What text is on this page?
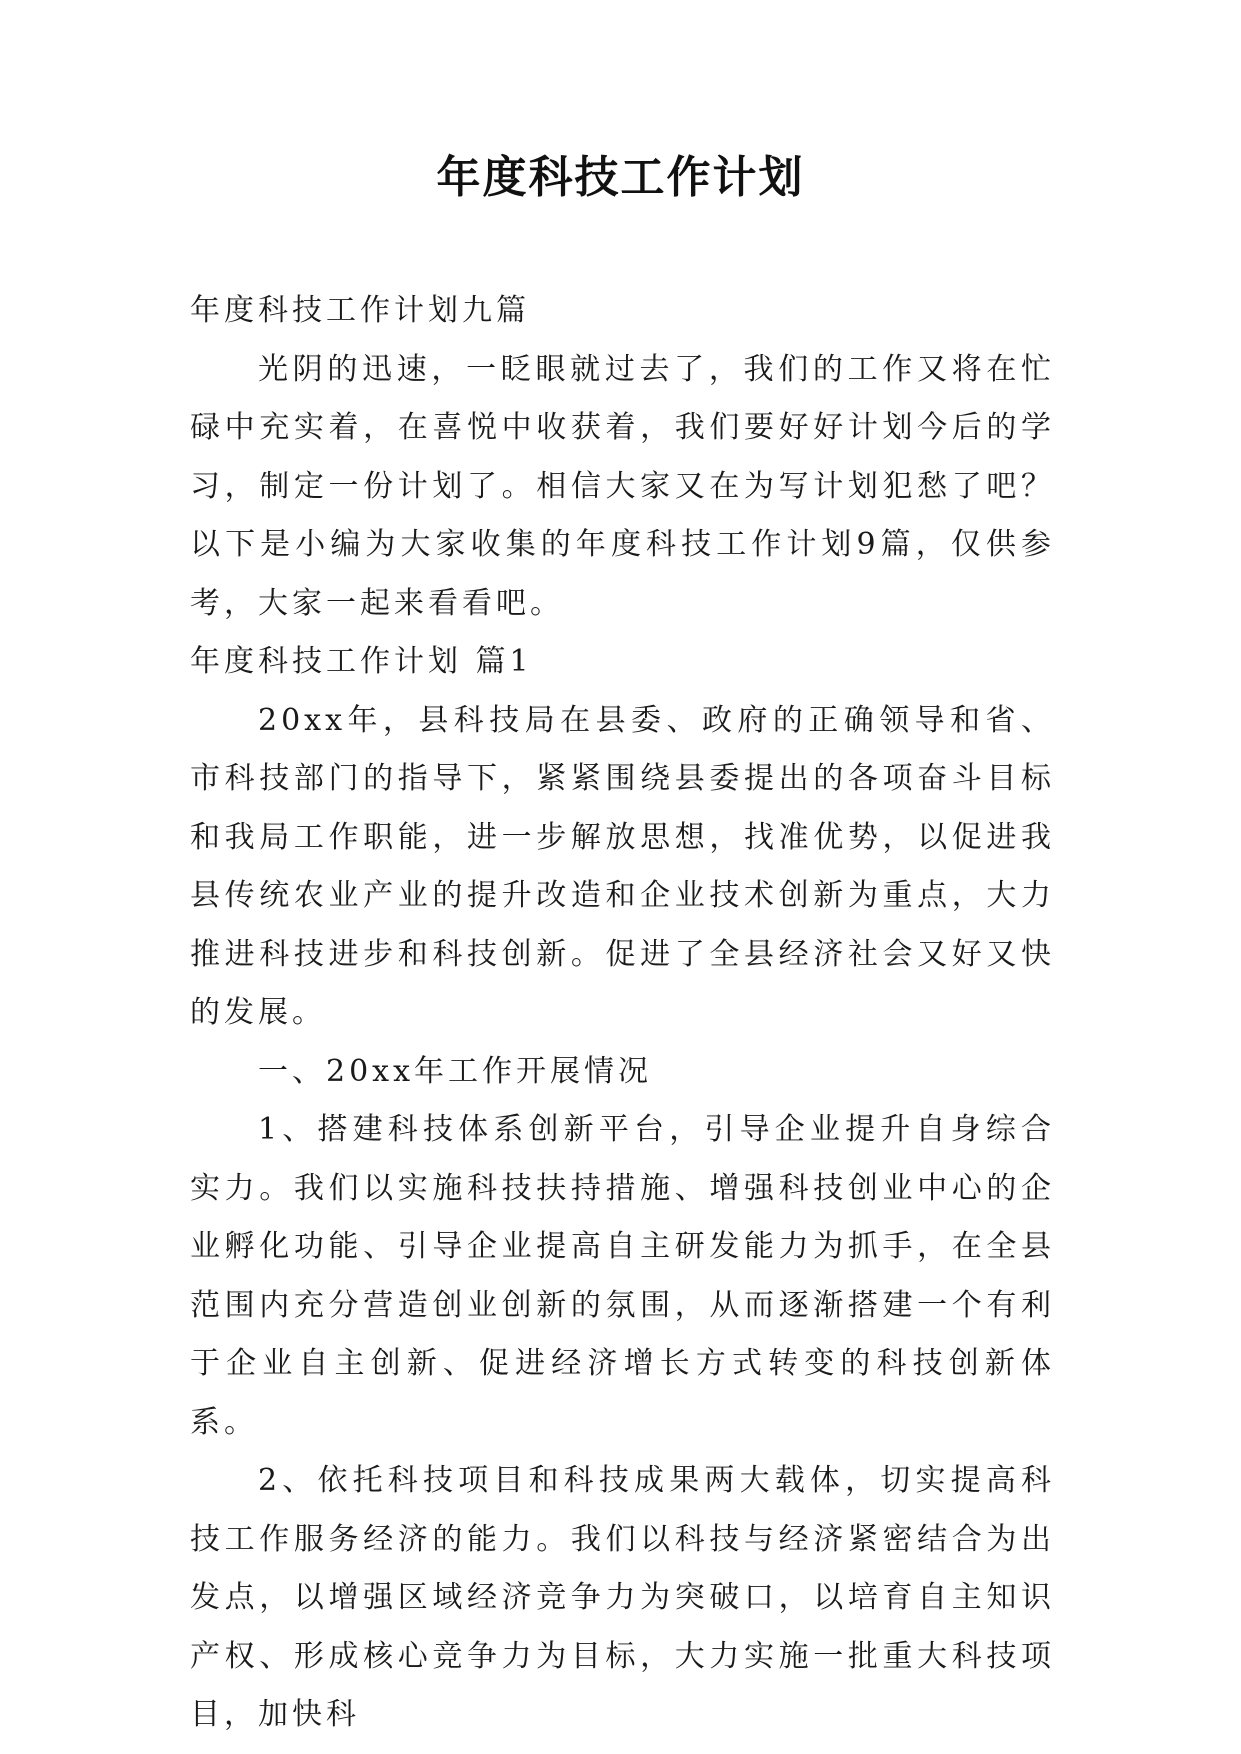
年度科技工作计划

年度科技工作计划九篇

光阴的迅速，一眨眼就过去了，我们的工作又将在忙碌中充实着，在喜悦中收获着，我们要好好计划今后的学习，制定一份计划了。相信大家又在为写计划犯愁了吧？以下是小编为大家收集的年度科技工作计划9篇，仅供参考，大家一起来看看吧。

年度科技工作计划 篇1

20xx年，县科技局在县委、政府的正确领导和省、市科技部门的指导下，紧紧围绕县委提出的各项奋斗目标和我局工作职能，进一步解放思想，找准优势，以促进我县传统农业产业的提升改造和企业技术创新为重点，大力推进科技进步和科技创新。促进了全县经济社会又好又快的发展。

一、20xx年工作开展情况

1、搭建科技体系创新平台，引导企业提升自身综合实力。我们以实施科技扶持措施、增强科技创业中心的企业孵化功能、引导企业提高自主研发能力为抓手，在全县范围内充分营造创业创新的氛围，从而逐渐搭建一个有利于企业自主创新、促进经济增长方式转变的科技创新体系。

2、依托科技项目和科技成果两大载体，切实提高科技工作服务经济的能力。我们以科技与经济紧密结合为出发点，以增强区域经济竞争力为突破口，以培育自主知识产权、形成核心竞争力为目标，大力实施一批重大科技项目，加快科
